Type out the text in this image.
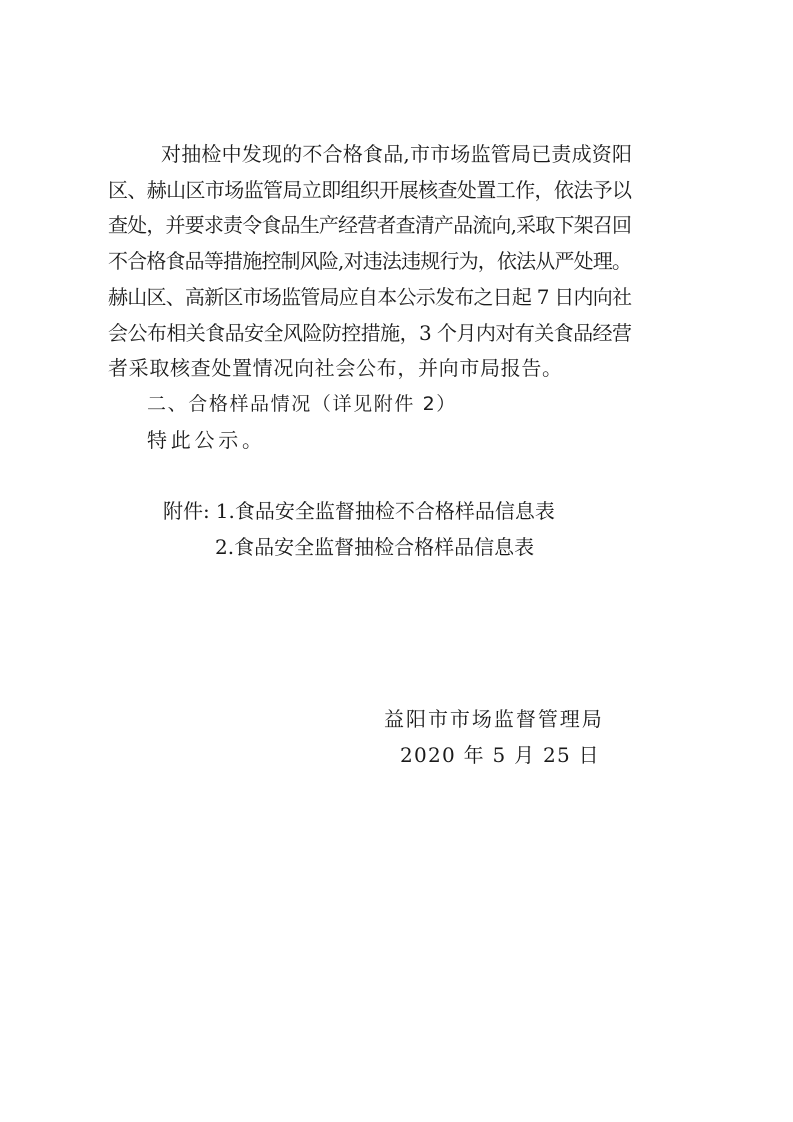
对抽检中发现的不合格食品,市市场监管局已责成资阳
区、赫山区市场监管局立即组织开展核查处置工作，依法予以
查处，并要求责令食品生产经营者查清产品流向,采取下架召回
不合格食品等措施控制风险,对违法违规行为，依法从严处理。
赫山区、高新区市场监管局应自本公示发布之日起 7 日内向社
会公布相关食品安全风险防控措施，3 个月内对有关食品经营
者采取核查处置情况向社会公布，并向市局报告。
二、合格样品情况（详见附件 2）
特此公示。
附件: 1.食品安全监督抽检不合格样品信息表
2.食品安全监督抽检合格样品信息表
益阳市市场监督管理局
2020 年 5 月 25 日
